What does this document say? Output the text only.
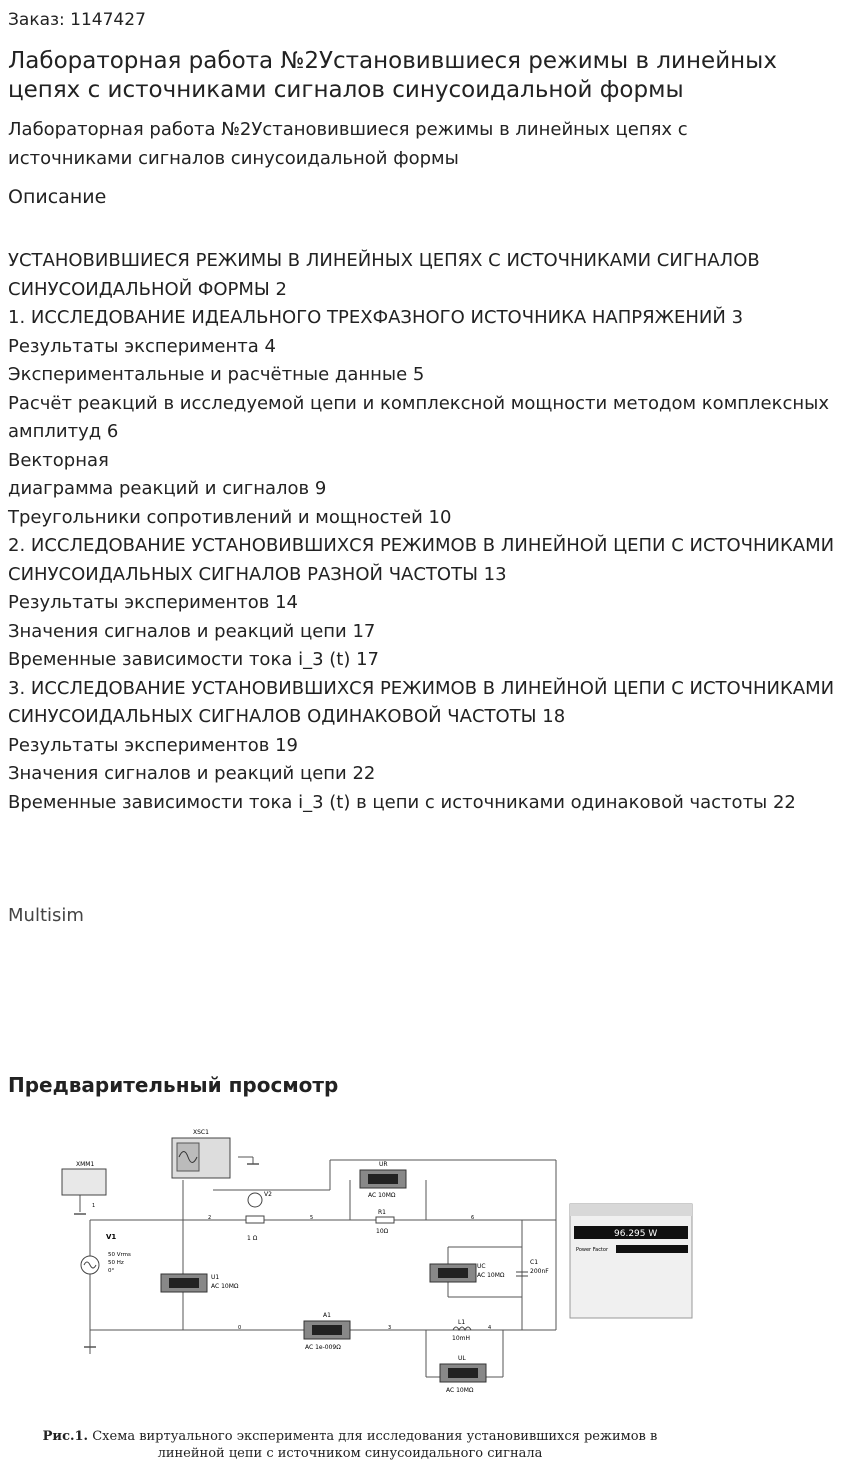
Заказ: 1147427
Лабораторная работа №2Установившиеся режимы в линейных цепях с источниками сигналов синусоидальной формы
Лабораторная работа №2Установившиеся режимы в линейных цепях с источниками сигналов синусоидальной формы
Описание
УСТАНОВИВШИЕСЯ РЕЖИМЫ В ЛИНЕЙНЫХ ЦЕПЯХ С ИСТОЧНИКАМИ СИГНАЛОВ СИНУСОИДАЛЬНОЙ ФОРМЫ 2
1. ИССЛЕДОВАНИЕ ИДЕАЛЬНОГО ТРЕХФАЗНОГО ИСТОЧНИКА НАПРЯЖЕНИЙ 3
Результаты эксперимента 4
Экспериментальные и расчётные данные 5
Расчёт реакций в исследуемой цепи и комплексной мощности методом комплексных амплитуд 6
Векторная
диаграмма реакций и сигналов 9
Треугольники сопротивлений и мощностей 10
2. ИССЛЕДОВАНИЕ УСТАНОВИВШИХСЯ РЕЖИМОВ В ЛИНЕЙНОЙ ЦЕПИ С ИСТОЧНИКАМИ СИНУСОИДАЛЬНЫХ СИГНАЛОВ РАЗНОЙ ЧАСТОТЫ 13
Результаты экспериментов 14
Значения сигналов и реакций цепи 17
Временные зависимости тока i_3 (t) 17
3. ИССЛЕДОВАНИЕ УСТАНОВИВШИХСЯ РЕЖИМОВ В ЛИНЕЙНОЙ ЦЕПИ С ИСТОЧНИКАМИ СИНУСОИДАЛЬНЫХ СИГНАЛОВ ОДИНАКОВОЙ ЧАСТОТЫ 18
Результаты экспериментов 19
Значения сигналов и реакций цепи 22
Временные зависимости тока i_3 (t) в цепи с источниками одинаковой частоты 22
Multisim
Предварительный просмотр
XMM1
XSC1
V1
50 Vrms
50 Hz
0°
V2
1 Ω
R1
10Ω
UR
AC 10MΩ
U1
AC 10MΩ
UC
AC 10MΩ
C1
200nF
A1
AC 1e-009Ω
L1
10mH
UL
AC 10MΩ
1
2	5	6
0	3	4
96.295 W
Power Factor
Рис.1. Схема виртуального эксперимента для исследования установившихся режимов в линейной цепи с источником синусоидального сигнала
